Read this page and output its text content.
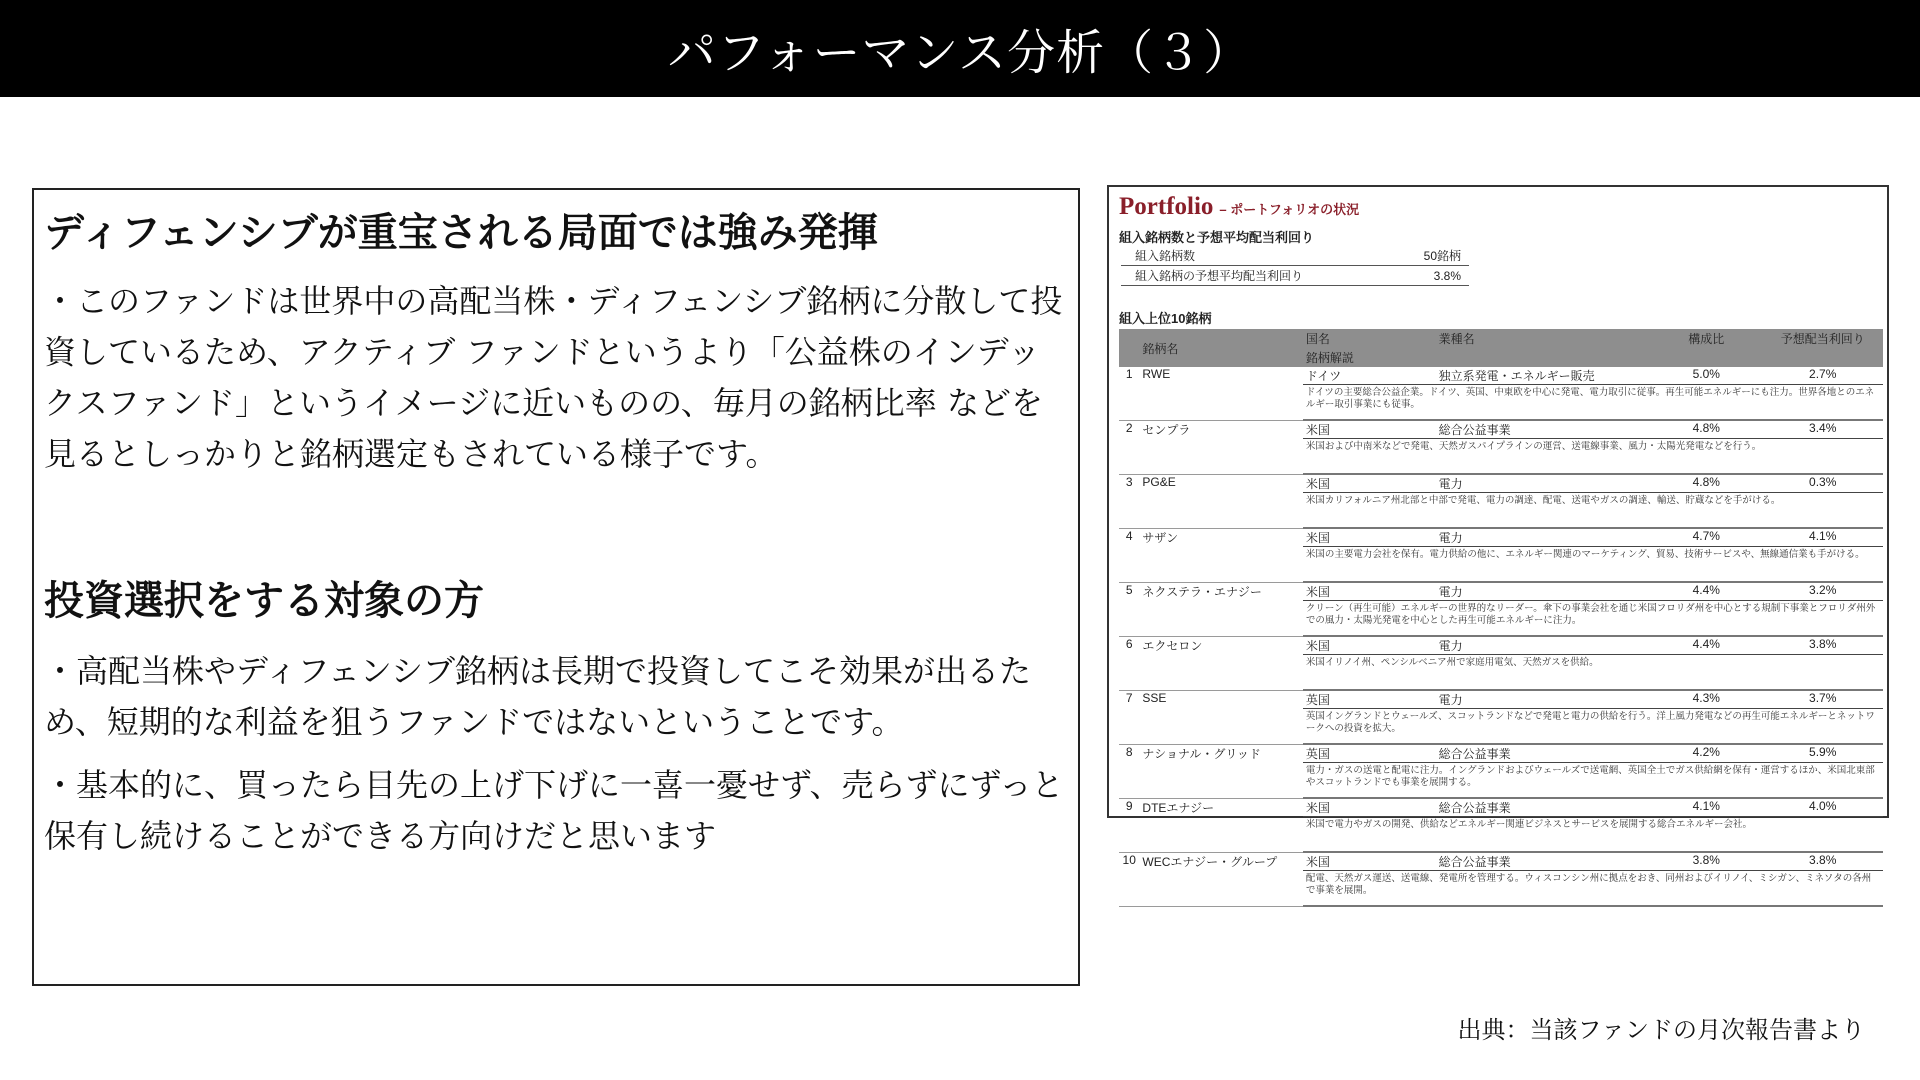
パフォーマンス分析（３）
ディフェンシブが重宝される局面では強み発揮

・このファンドは世界中の高配当株・ディフェンシブ銘柄に分散して投資しているため、アクティブ ファンドというより「公益株のインデックスファンド」というイメージに近いものの、毎月の銘柄比率 などを見るとしっかりと銘柄選定もされている様子です。

投資選択をする対象の方

・高配当株やディフェンシブ銘柄は長期で投資してこそ効果が出るため、短期的な利益を狙うファンドではないということです。

・基本的に、買ったら目先の上げ下げに一喜一憂せず、売らずにずっと保有し続けることができる方向けだと思います

Portfolio – ポートフォリオの状況
組入銘柄数と予想平均配当利回り
組入銘柄数	50銘柄
組入銘柄の予想平均配当利回り	3.8%
組入上位10銘柄
	銘柄名	国名	業種名	構成比	予想配当利回り
		銘柄解説			
1	RWE	ドイツ	独立系発電・エネルギー販売	5.0%	2.7%
		ドイツの主要総合公益企業。ドイツ、英国、中東欧を中心に発電、電力取引に従事。再生可能エネルギーにも注力。世界各地とのエネルギー取引事業にも従事。			
2	センプラ	米国	総合公益事業	4.8%	3.4%
		米国および中南米などで発電、天然ガスパイプラインの運営、送電線事業、風力・太陽光発電などを行う。			
3	PG&E	米国	電力	4.8%	0.3%
		米国カリフォルニア州北部と中部で発電、電力の調達、配電、送電やガスの調達、輸送、貯蔵などを手がける。			
4	サザン	米国	電力	4.7%	4.1%
		米国の主要電力会社を保有。電力供給の他に、エネルギー関連のマーケティング、貿易、技術サービスや、無線通信業も手がける。			
5	ネクステラ・エナジー	米国	電力	4.4%	3.2%
		クリーン（再生可能）エネルギーの世界的なリーダー。傘下の事業会社を通じ米国フロリダ州を中心とする規制下事業とフロリダ州外での風力・太陽光発電を中心とした再生可能エネルギーに注力。			
6	エクセロン	米国	電力	4.4%	3.8%
		米国イリノイ州、ペンシルベニア州で家庭用電気、天然ガスを供給。			
7	SSE	英国	電力	4.3%	3.7%
		英国イングランドとウェールズ、スコットランドなどで発電と電力の供給を行う。洋上風力発電などの再生可能エネルギーとネットワークへの投資を拡大。			
8	ナショナル・グリッド	英国	総合公益事業	4.2%	5.9%
		電力・ガスの送電と配電に注力。イングランドおよびウェールズで送電網、英国全土でガス供給網を保有・運営するほか、米国北東部やスコットランドでも事業を展開する。			
9	DTEエナジー	米国	総合公益事業	4.1%	4.0%
		米国で電力やガスの開発、供給などエネルギー関連ビジネスとサービスを展開する総合エネルギー会社。			
10	WECエナジー・グループ	米国	総合公益事業	3.8%	3.8%
		配電、天然ガス運送、送電線、発電所を管理する。ウィスコンシン州に拠点をおき、同州およびイリノイ、ミシガン、ミネソタの各州で事業を展開。			
出典：当該ファンドの月次報告書より
